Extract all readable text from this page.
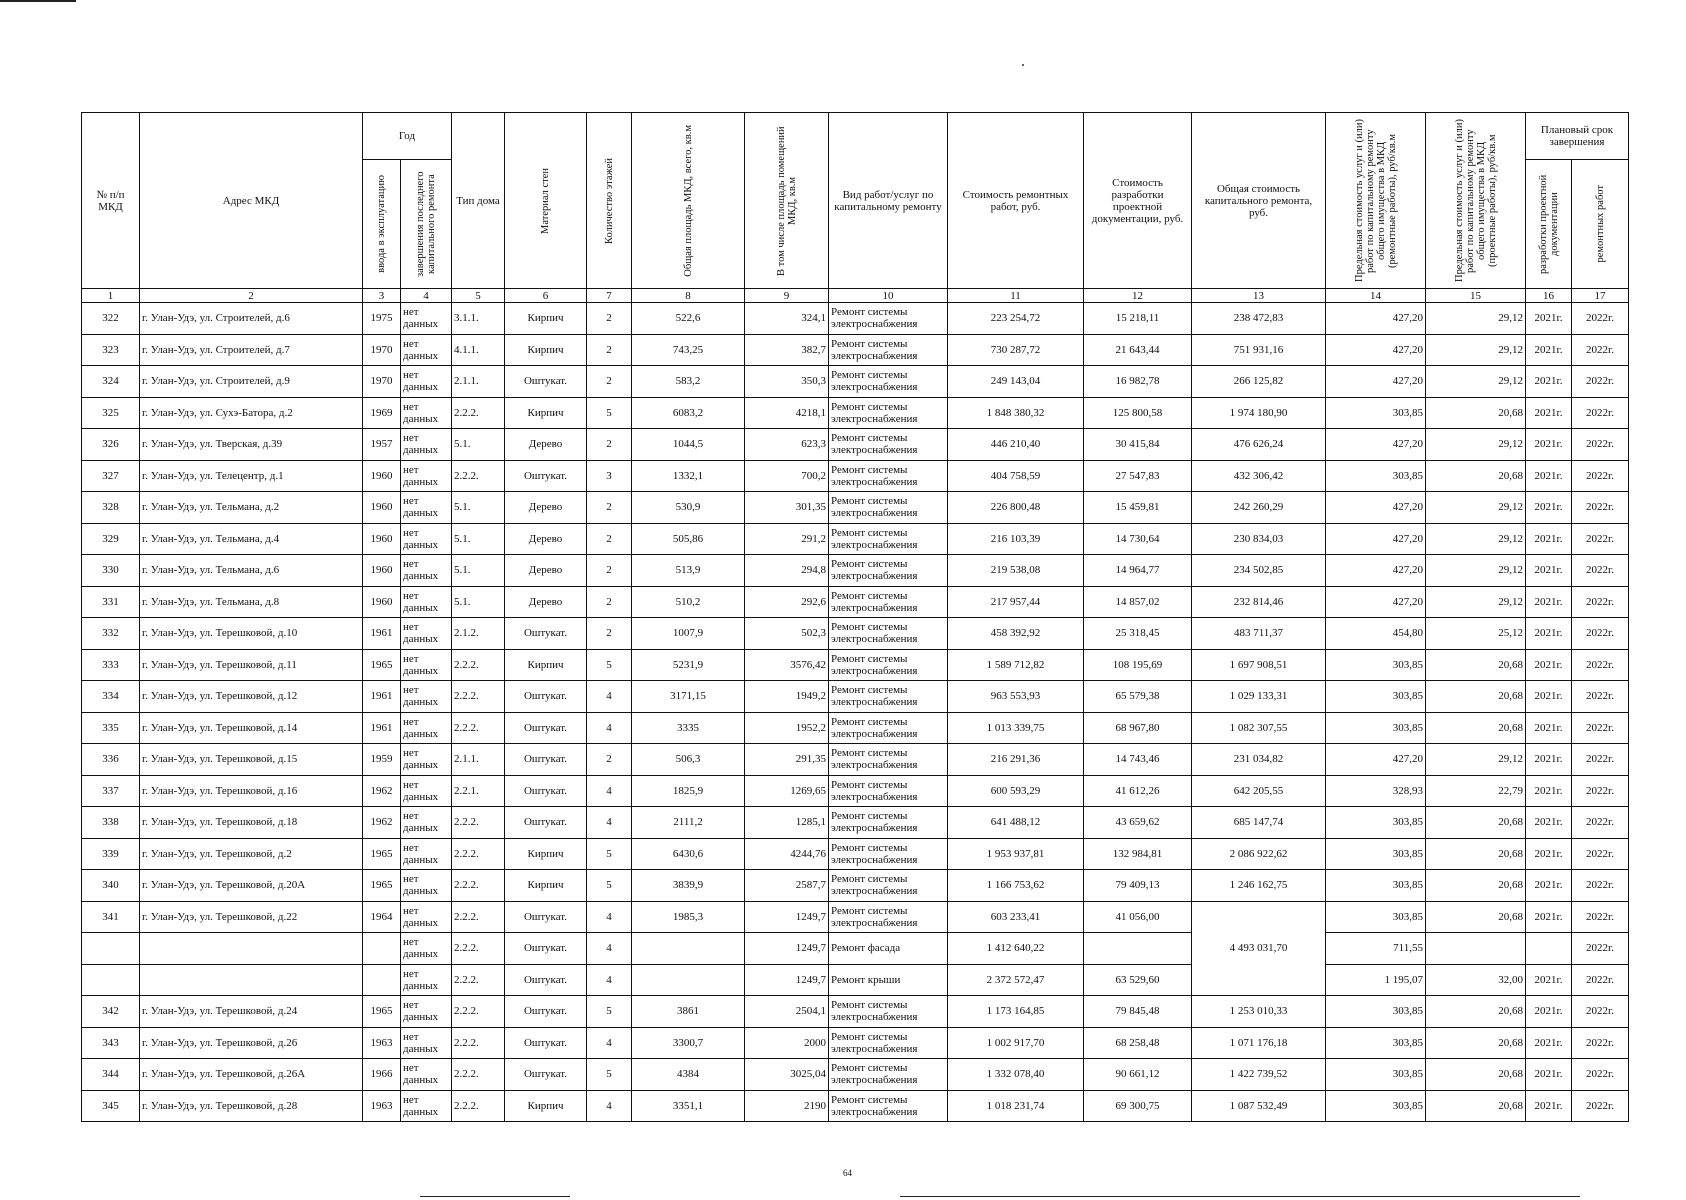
№ п/п МКД	Адрес МКД	Год		Тип дома	Материал стен	Количество этажей	Общая площадь МКД, всего, кв.м	В том числе площадь помещений МКД, кв.м	Вид работ/услуг по капитальному ремонту	Стоимость ремонтных работ, руб.	Стоимость разработки проектной документации, руб.	Общая стоимость капитального ремонта, руб.	Предельная стоимость услуг и (или) работ по капитальному ремонту общего имущества в МКД (ремонтные работы), руб/кв.м	Предельная стоимость услуг и (или) работ по капитальному ремонту общего имущества в МКД (проектные работы), руб/кв.м	Плановый срок завершения	

		ввода в эксплуатацию	завершения последнего капитального ремонта												разработки проектной документации	ремонтных работ

1	2	3	4	5	6	7	8	9	10	11	12	13	14	15	16	17
322	г. Улан-Удэ, ул. Строителей, д.6	1975	нет данных	3.1.1.	Кирпич	2	522,6	324,1	Ремонт системы электроснабжения	223 254,72	15 218,11	238 472,83	427,20	29,12	2021г.	2022г.
323	г. Улан-Удэ, ул. Строителей, д.7	1970	нет данных	4.1.1.	Кирпич	2	743,25	382,7	Ремонт системы электроснабжения	730 287,72	21 643,44	751 931,16	427,20	29,12	2021г.	2022г.
324	г. Улан-Удэ, ул. Строителей, д.9	1970	нет данных	2.1.1.	Оштукат.	2	583,2	350,3	Ремонт системы электроснабжения	249 143,04	16 982,78	266 125,82	427,20	29,12	2021г.	2022г.
325	г. Улан-Удэ, ул. Сухэ-Батора, д.2	1969	нет данных	2.2.2.	Кирпич	5	6083,2	4218,1	Ремонт системы электроснабжения	1 848 380,32	125 800,58	1 974 180,90	303,85	20,68	2021г.	2022г.
326	г. Улан-Удэ, ул. Тверская, д.39	1957	нет данных	5.1.	Дерево	2	1044,5	623,3	Ремонт системы электроснабжения	446 210,40	30 415,84	476 626,24	427,20	29,12	2021г.	2022г.
327	г. Улан-Удэ, ул. Телецентр, д.1	1960	нет данных	2.2.2.	Оштукат.	3	1332,1	700,2	Ремонт системы электроснабжения	404 758,59	27 547,83	432 306,42	303,85	20,68	2021г.	2022г.
328	г. Улан-Удэ, ул. Тельмана, д.2	1960	нет данных	5.1.	Дерево	2	530,9	301,35	Ремонт системы электроснабжения	226 800,48	15 459,81	242 260,29	427,20	29,12	2021г.	2022г.
329	г. Улан-Удэ, ул. Тельмана, д.4	1960	нет данных	5.1.	Дерево	2	505,86	291,2	Ремонт системы электроснабжения	216 103,39	14 730,64	230 834,03	427,20	29,12	2021г.	2022г.
330	г. Улан-Удэ, ул. Тельмана, д.6	1960	нет данных	5.1.	Дерево	2	513,9	294,8	Ремонт системы электроснабжения	219 538,08	14 964,77	234 502,85	427,20	29,12	2021г.	2022г.
331	г. Улан-Удэ, ул. Тельмана, д.8	1960	нет данных	5.1.	Дерево	2	510,2	292,6	Ремонт системы электроснабжения	217 957,44	14 857,02	232 814,46	427,20	29,12	2021г.	2022г.
332	г. Улан-Удэ, ул. Терешковой, д.10	1961	нет данных	2.1.2.	Оштукат.	2	1007,9	502,3	Ремонт системы электроснабжения	458 392,92	25 318,45	483 711,37	454,80	25,12	2021г.	2022г.
333	г. Улан-Удэ, ул. Терешковой, д.11	1965	нет данных	2.2.2.	Кирпич	5	5231,9	3576,42	Ремонт системы электроснабжения	1 589 712,82	108 195,69	1 697 908,51	303,85	20,68	2021г.	2022г.
334	г. Улан-Удэ, ул. Терешковой, д.12	1961	нет данных	2.2.2.	Оштукат.	4	3171,15	1949,2	Ремонт системы электроснабжения	963 553,93	65 579,38	1 029 133,31	303,85	20,68	2021г.	2022г.
335	г. Улан-Удэ, ул. Терешковой, д.14	1961	нет данных	2.2.2.	Оштукат.	4	3335	1952,2	Ремонт системы электроснабжения	1 013 339,75	68 967,80	1 082 307,55	303,85	20,68	2021г.	2022г.
336	г. Улан-Удэ, ул. Терешковой, д.15	1959	нет данных	2.1.1.	Оштукат.	2	506,3	291,35	Ремонт системы электроснабжения	216 291,36	14 743,46	231 034,82	427,20	29,12	2021г.	2022г.
337	г. Улан-Удэ, ул. Терешковой, д.16	1962	нет данных	2.2.1.	Оштукат.	4	1825,9	1269,65	Ремонт системы электроснабжения	600 593,29	41 612,26	642 205,55	328,93	22,79	2021г.	2022г.
338	г. Улан-Удэ, ул. Терешковой, д.18	1962	нет данных	2.2.2.	Оштукат.	4	2111,2	1285,1	Ремонт системы электроснабжения	641 488,12	43 659,62	685 147,74	303,85	20,68	2021г.	2022г.
339	г. Улан-Удэ, ул. Терешковой, д.2	1965	нет данных	2.2.2.	Кирпич	5	6430,6	4244,76	Ремонт системы электроснабжения	1 953 937,81	132 984,81	2 086 922,62	303,85	20,68	2021г.	2022г.
340	г. Улан-Удэ, ул. Терешковой, д.20А	1965	нет данных	2.2.2.	Кирпич	5	3839,9	2587,7	Ремонт системы электроснабжения	1 166 753,62	79 409,13	1 246 162,75	303,85	20,68	2021г.	2022г.
341	г. Улан-Удэ, ул. Терешковой, д.22	1964	нет данных	2.2.2.	Оштукат.	4	1985,3	1249,7	Ремонт системы электроснабжения	603 233,41	41 056,00	4 493 031,70	303,85	20,68	2021г.	2022г.
			нет данных	2.2.2.	Оштукат.	4		1249,7	Ремонт фасада	1 412 640,22			711,55			2022г.
			нет данных	2.2.2.	Оштукат.	4		1249,7	Ремонт крыши	2 372 572,47	63 529,60		1 195,07	32,00	2021г.	2022г.
342	г. Улан-Удэ, ул. Терешковой, д.24	1965	нет данных	2.2.2.	Оштукат.	5	3861	2504,1	Ремонт системы электроснабжения	1 173 164,85	79 845,48	1 253 010,33	303,85	20,68	2021г.	2022г.
343	г. Улан-Удэ, ул. Терешковой, д.26	1963	нет данных	2.2.2.	Оштукат.	4	3300,7	2000	Ремонт системы электроснабжения	1 002 917,70	68 258,48	1 071 176,18	303,85	20,68	2021г.	2022г.
344	г. Улан-Удэ, ул. Терешковой, д.26А	1966	нет данных	2.2.2.	Оштукат.	5	4384	3025,04	Ремонт системы электроснабжения	1 332 078,40	90 661,12	1 422 739,52	303,85	20,68	2021г.	2022г.
345	г. Улан-Удэ, ул. Терешковой, д.28	1963	нет данных	2.2.2.	Кирпич	4	3351,1	2190	Ремонт системы электроснабжения	1 018 231,74	69 300,75	1 087 532,49	303,85	20,68	2021г.	2022г.
64
